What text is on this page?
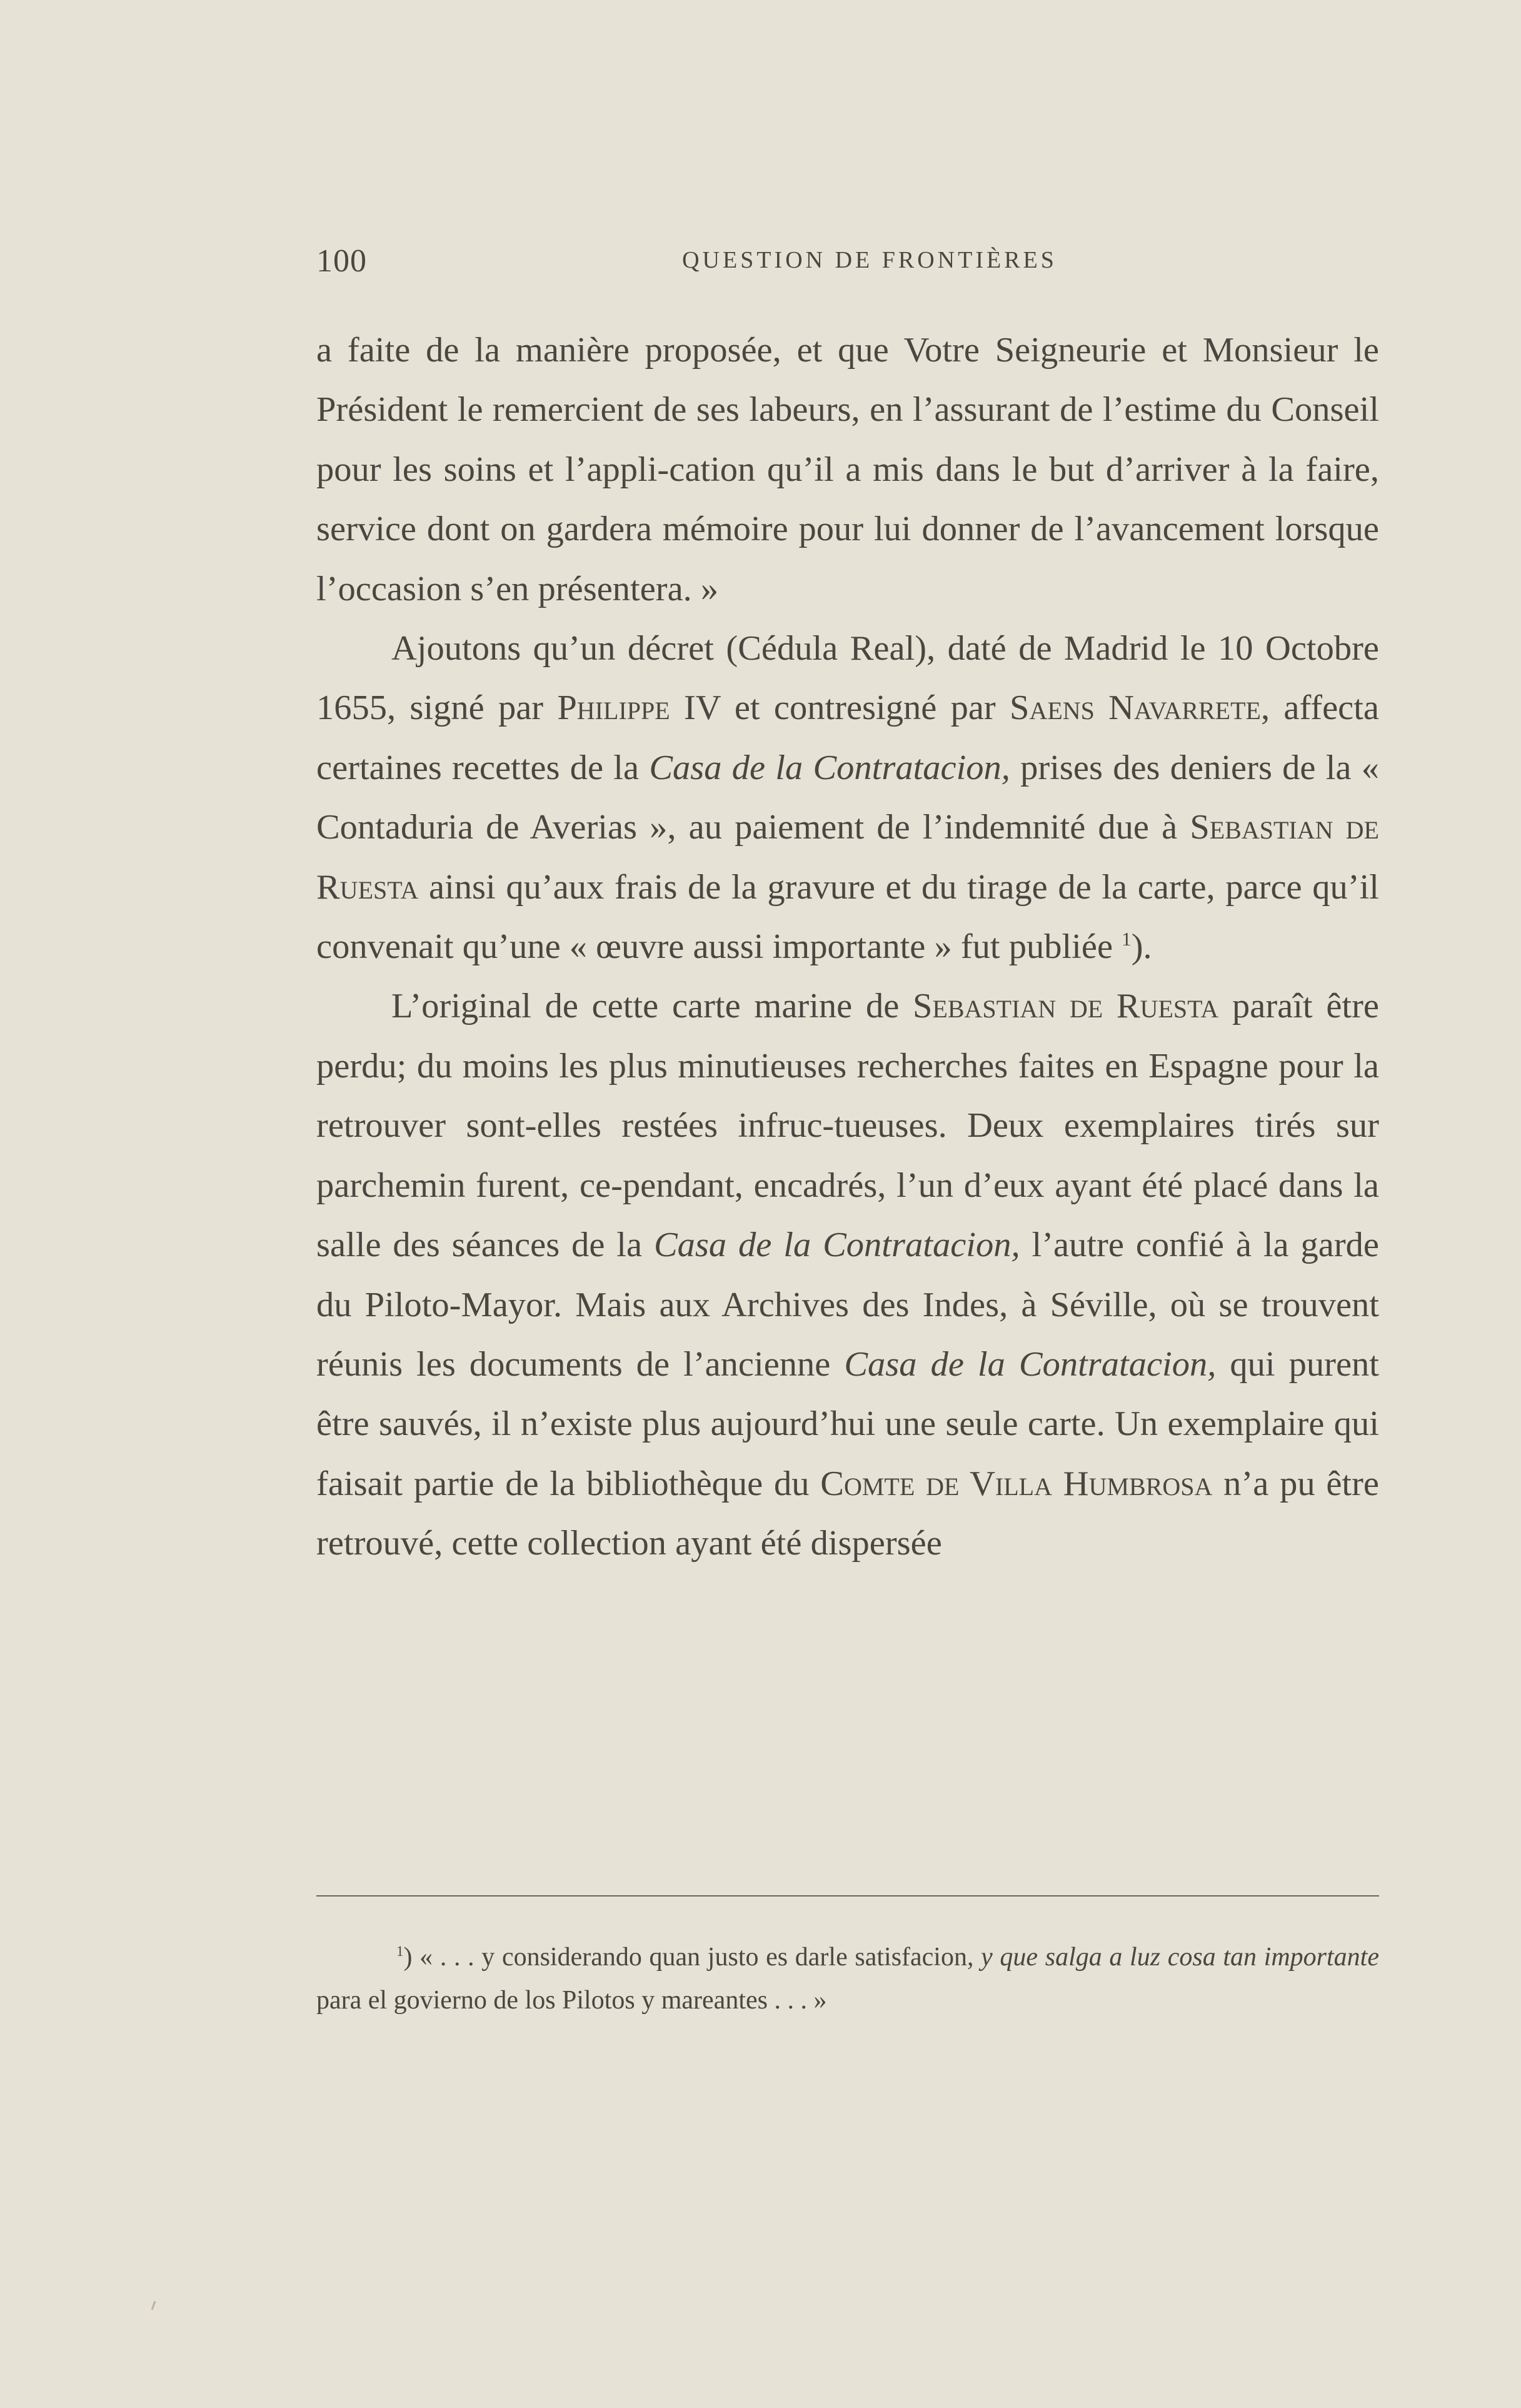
100	QUESTION DE FRONTIÈRES

a faite de la manière proposée, et que Votre Seigneurie et Monsieur le Président le remercient de ses labeurs, en l’assurant de l’estime du Conseil pour les soins et l’appli-cation qu’il a mis dans le but d’arriver à la faire, service dont on gardera mémoire pour lui donner de l’avancement lorsque l’occasion s’en présentera. »

Ajoutons qu’un décret (Cédula Real), daté de Madrid le 10 Octobre 1655, signé par Philippe IV et contresigné par Saens Navarrete, affecta certaines recettes de la Casa de la Contratacion, prises des deniers de la « Contaduria de Averias », au paiement de l’indemnité due à Sebastian de Ruesta ainsi qu’aux frais de la gravure et du tirage de la carte, parce qu’il convenait qu’une « œuvre aussi importante » fut publiée $^1$).

L’original de cette carte marine de Sebastian de Ruesta paraît être perdu; du moins les plus minutieuses recherches faites en Espagne pour la retrouver sont-elles restées infruc-tueuses. Deux exemplaires tirés sur parchemin furent, ce-pendant, encadrés, l’un d’eux ayant été placé dans la salle des séances de la Casa de la Contratacion, l’autre confié à la garde du Piloto-Mayor. Mais aux Archives des Indes, à Séville, où se trouvent réunis les documents de l’ancienne Casa de la Contratacion, qui purent être sauvés, il n’existe plus aujourd’hui une seule carte. Un exemplaire qui faisait partie de la bibliothèque du Comte de Villa Humbrosa n’a pu être retrouvé, cette collection ayant été dispersée

$^1$) « . . . y considerando quan justo es darle satisfacion, y que salga a luz cosa tan importante para el govierno de los Pilotos y mareantes . . . »
